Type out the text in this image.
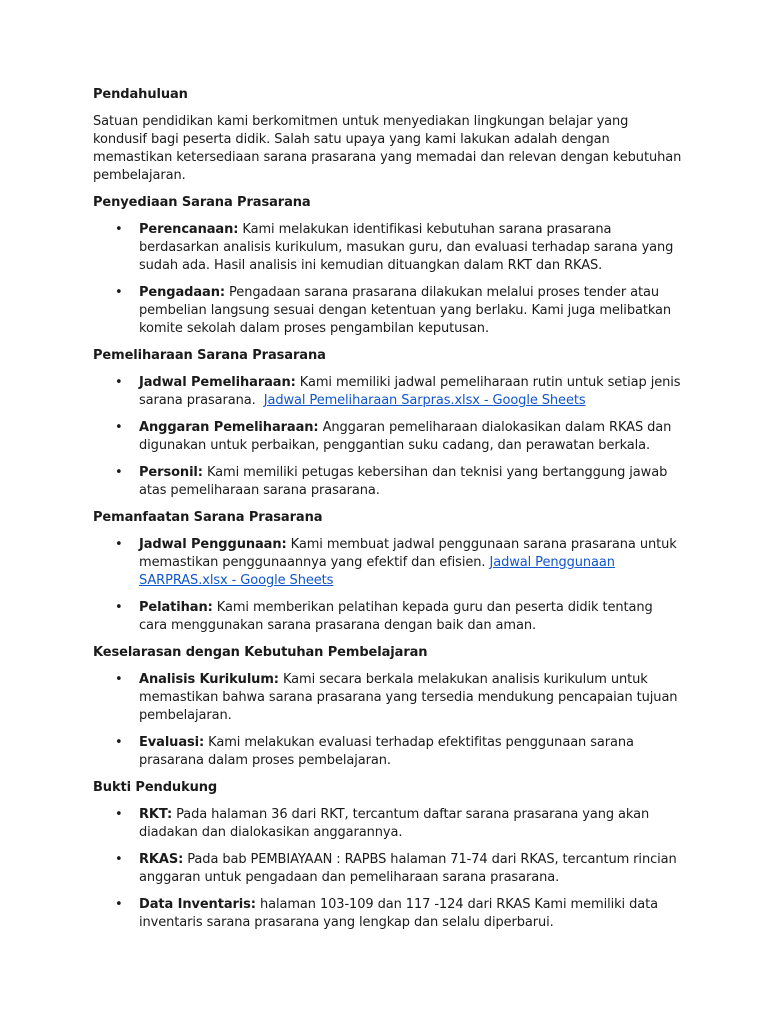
Pendahuluan

Satuan pendidikan kami berkomitmen untuk menyediakan lingkungan belajar yang kondusif bagi peserta didik. Salah satu upaya yang kami lakukan adalah dengan memastikan ketersediaan sarana prasarana yang memadai dan relevan dengan kebutuhan pembelajaran.

Penyediaan Sarana Prasarana
• Perencanaan: Kami melakukan identifikasi kebutuhan sarana prasarana berdasarkan analisis kurikulum, masukan guru, dan evaluasi terhadap sarana yang sudah ada. Hasil analisis ini kemudian dituangkan dalam RKT dan RKAS.
• Pengadaan: Pengadaan sarana prasarana dilakukan melalui proses tender atau pembelian langsung sesuai dengan ketentuan yang berlaku. Kami juga melibatkan komite sekolah dalam proses pengambilan keputusan.
Pemeliharaan Sarana Prasarana
• Jadwal Pemeliharaan: Kami memiliki jadwal pemeliharaan rutin untuk setiap jenis sarana prasarana. Jadwal Pemeliharaan Sarpras.xlsx - Google Sheets
• Anggaran Pemeliharaan: Anggaran pemeliharaan dialokasikan dalam RKAS dan digunakan untuk perbaikan, penggantian suku cadang, dan perawatan berkala.
• Personil: Kami memiliki petugas kebersihan dan teknisi yang bertanggung jawab atas pemeliharaan sarana prasarana.
Pemanfaatan Sarana Prasarana
• Jadwal Penggunaan: Kami membuat jadwal penggunaan sarana prasarana untuk memastikan penggunaannya yang efektif dan efisien. Jadwal Penggunaan SARPRAS.xlsx - Google Sheets
• Pelatihan: Kami memberikan pelatihan kepada guru dan peserta didik tentang cara menggunakan sarana prasarana dengan baik dan aman.
Keselarasan dengan Kebutuhan Pembelajaran
• Analisis Kurikulum: Kami secara berkala melakukan analisis kurikulum untuk memastikan bahwa sarana prasarana yang tersedia mendukung pencapaian tujuan pembelajaran.
• Evaluasi: Kami melakukan evaluasi terhadap efektifitas penggunaan sarana prasarana dalam proses pembelajaran.
Bukti Pendukung
• RKT: Pada halaman 36 dari RKT, tercantum daftar sarana prasarana yang akan diadakan dan dialokasikan anggarannya.
• RKAS: Pada bab PEMBIAYAAN : RAPBS halaman 71-74 dari RKAS, tercantum rincian anggaran untuk pengadaan dan pemeliharaan sarana prasarana.
• Data Inventaris: halaman 103-109 dan 117 -124 dari RKAS Kami memiliki data inventaris sarana prasarana yang lengkap dan selalu diperbarui.
